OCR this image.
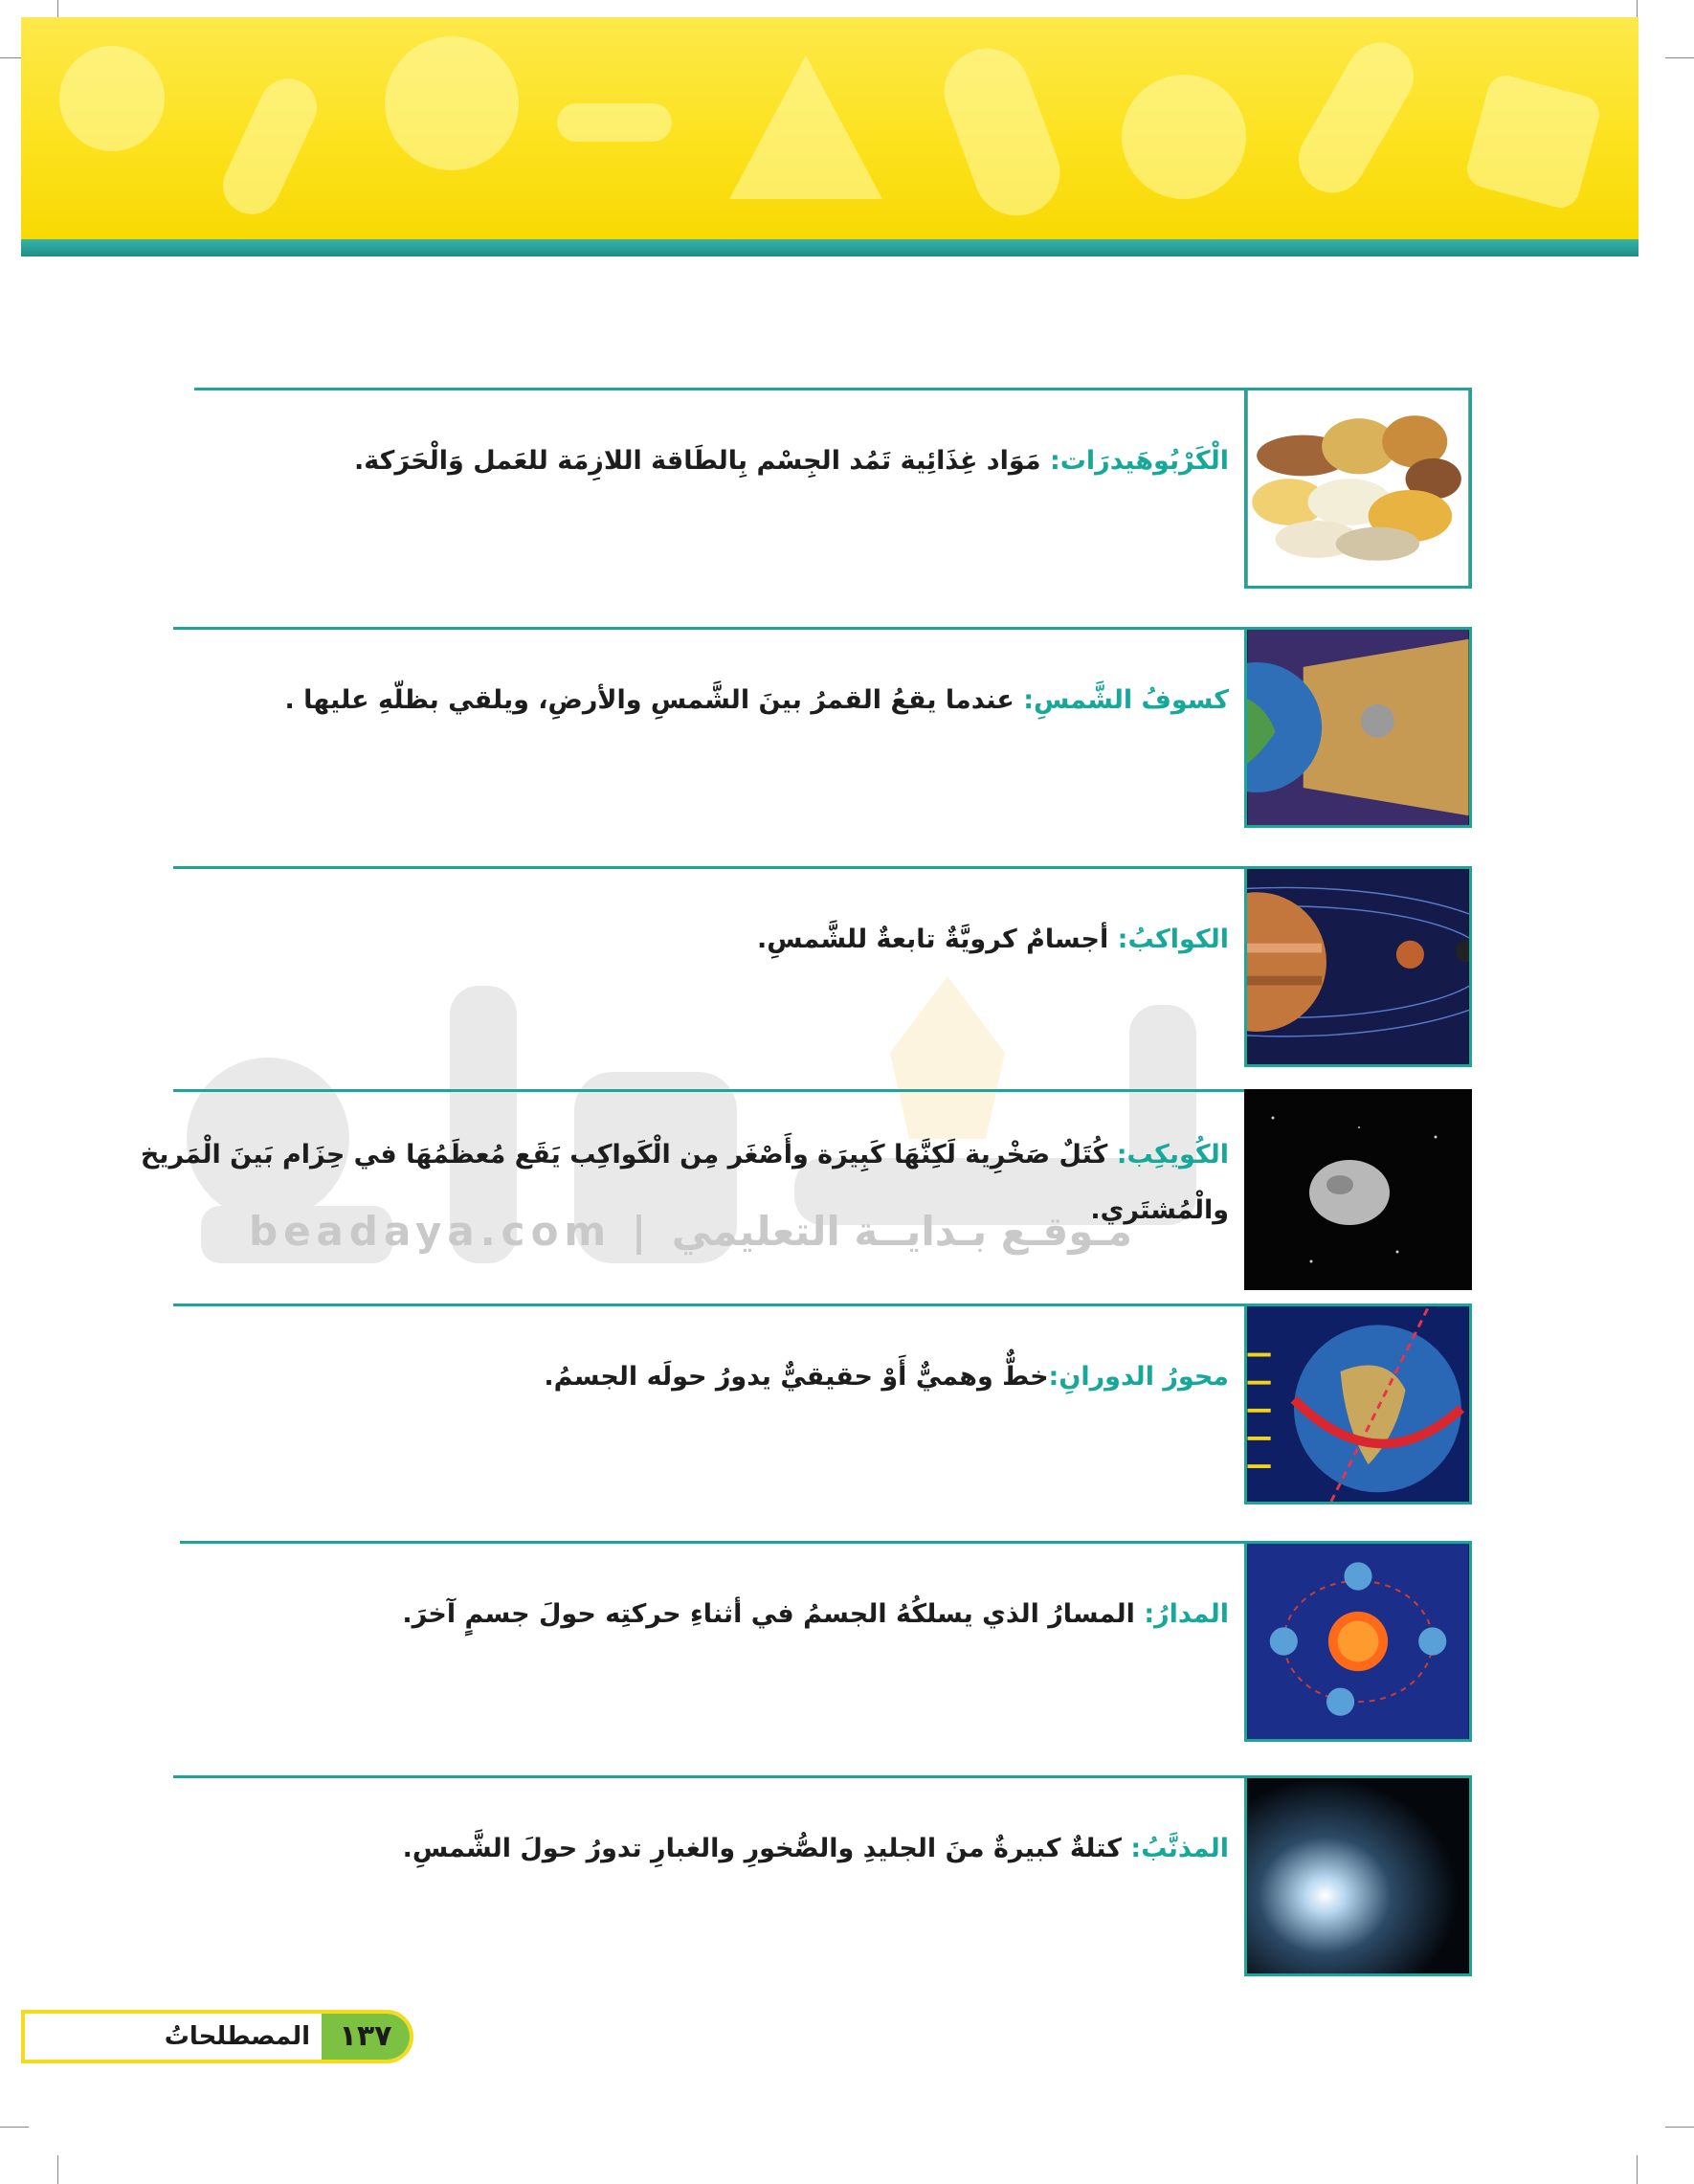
beadaya.com | مـوقـع بـدايــة التعليمي
الْكَرْبُوهَيدرَات: مَوَاد غِذَائِية تَمُد الجِسْم بِالطَاقة اللازِمَة للعَمل وَالْحَرَكة.
كسوفُ الشَّمسِ: عندما يقعُ القمرُ بينَ الشَّمسِ والأرضِ، ويلقي بظلّهِ عليها .
الكواكبُ: أجسامٌ كرويَّةٌ تابعةٌ للشَّمسِ.
الكُويكِب: كُتَلٌ صَخْرِية لَكِنَّهَا كَبِيرَة وأَصْغَر مِن الْكَواكِب يَقَع مُعظَمُهَا في حِزَام بَينَ الْمَريخ والْمُشتَري.
محورُ الدورانِ:خطٌّ وهميٌّ أَوْ حقيقيٌّ يدورُ حولَه الجسمُ.
المدارُ: المسارُ الذي يسلكُهُ الجسمُ في أثناءِ حركتِه حولَ جسمٍ آخرَ.
المذنَّبُ: كتلةٌ كبيرةٌ منَ الجليدِ والصُّخورِ والغبارِ تدورُ حولَ الشَّمسِ.
١٣٧
المصطلحاتُ
